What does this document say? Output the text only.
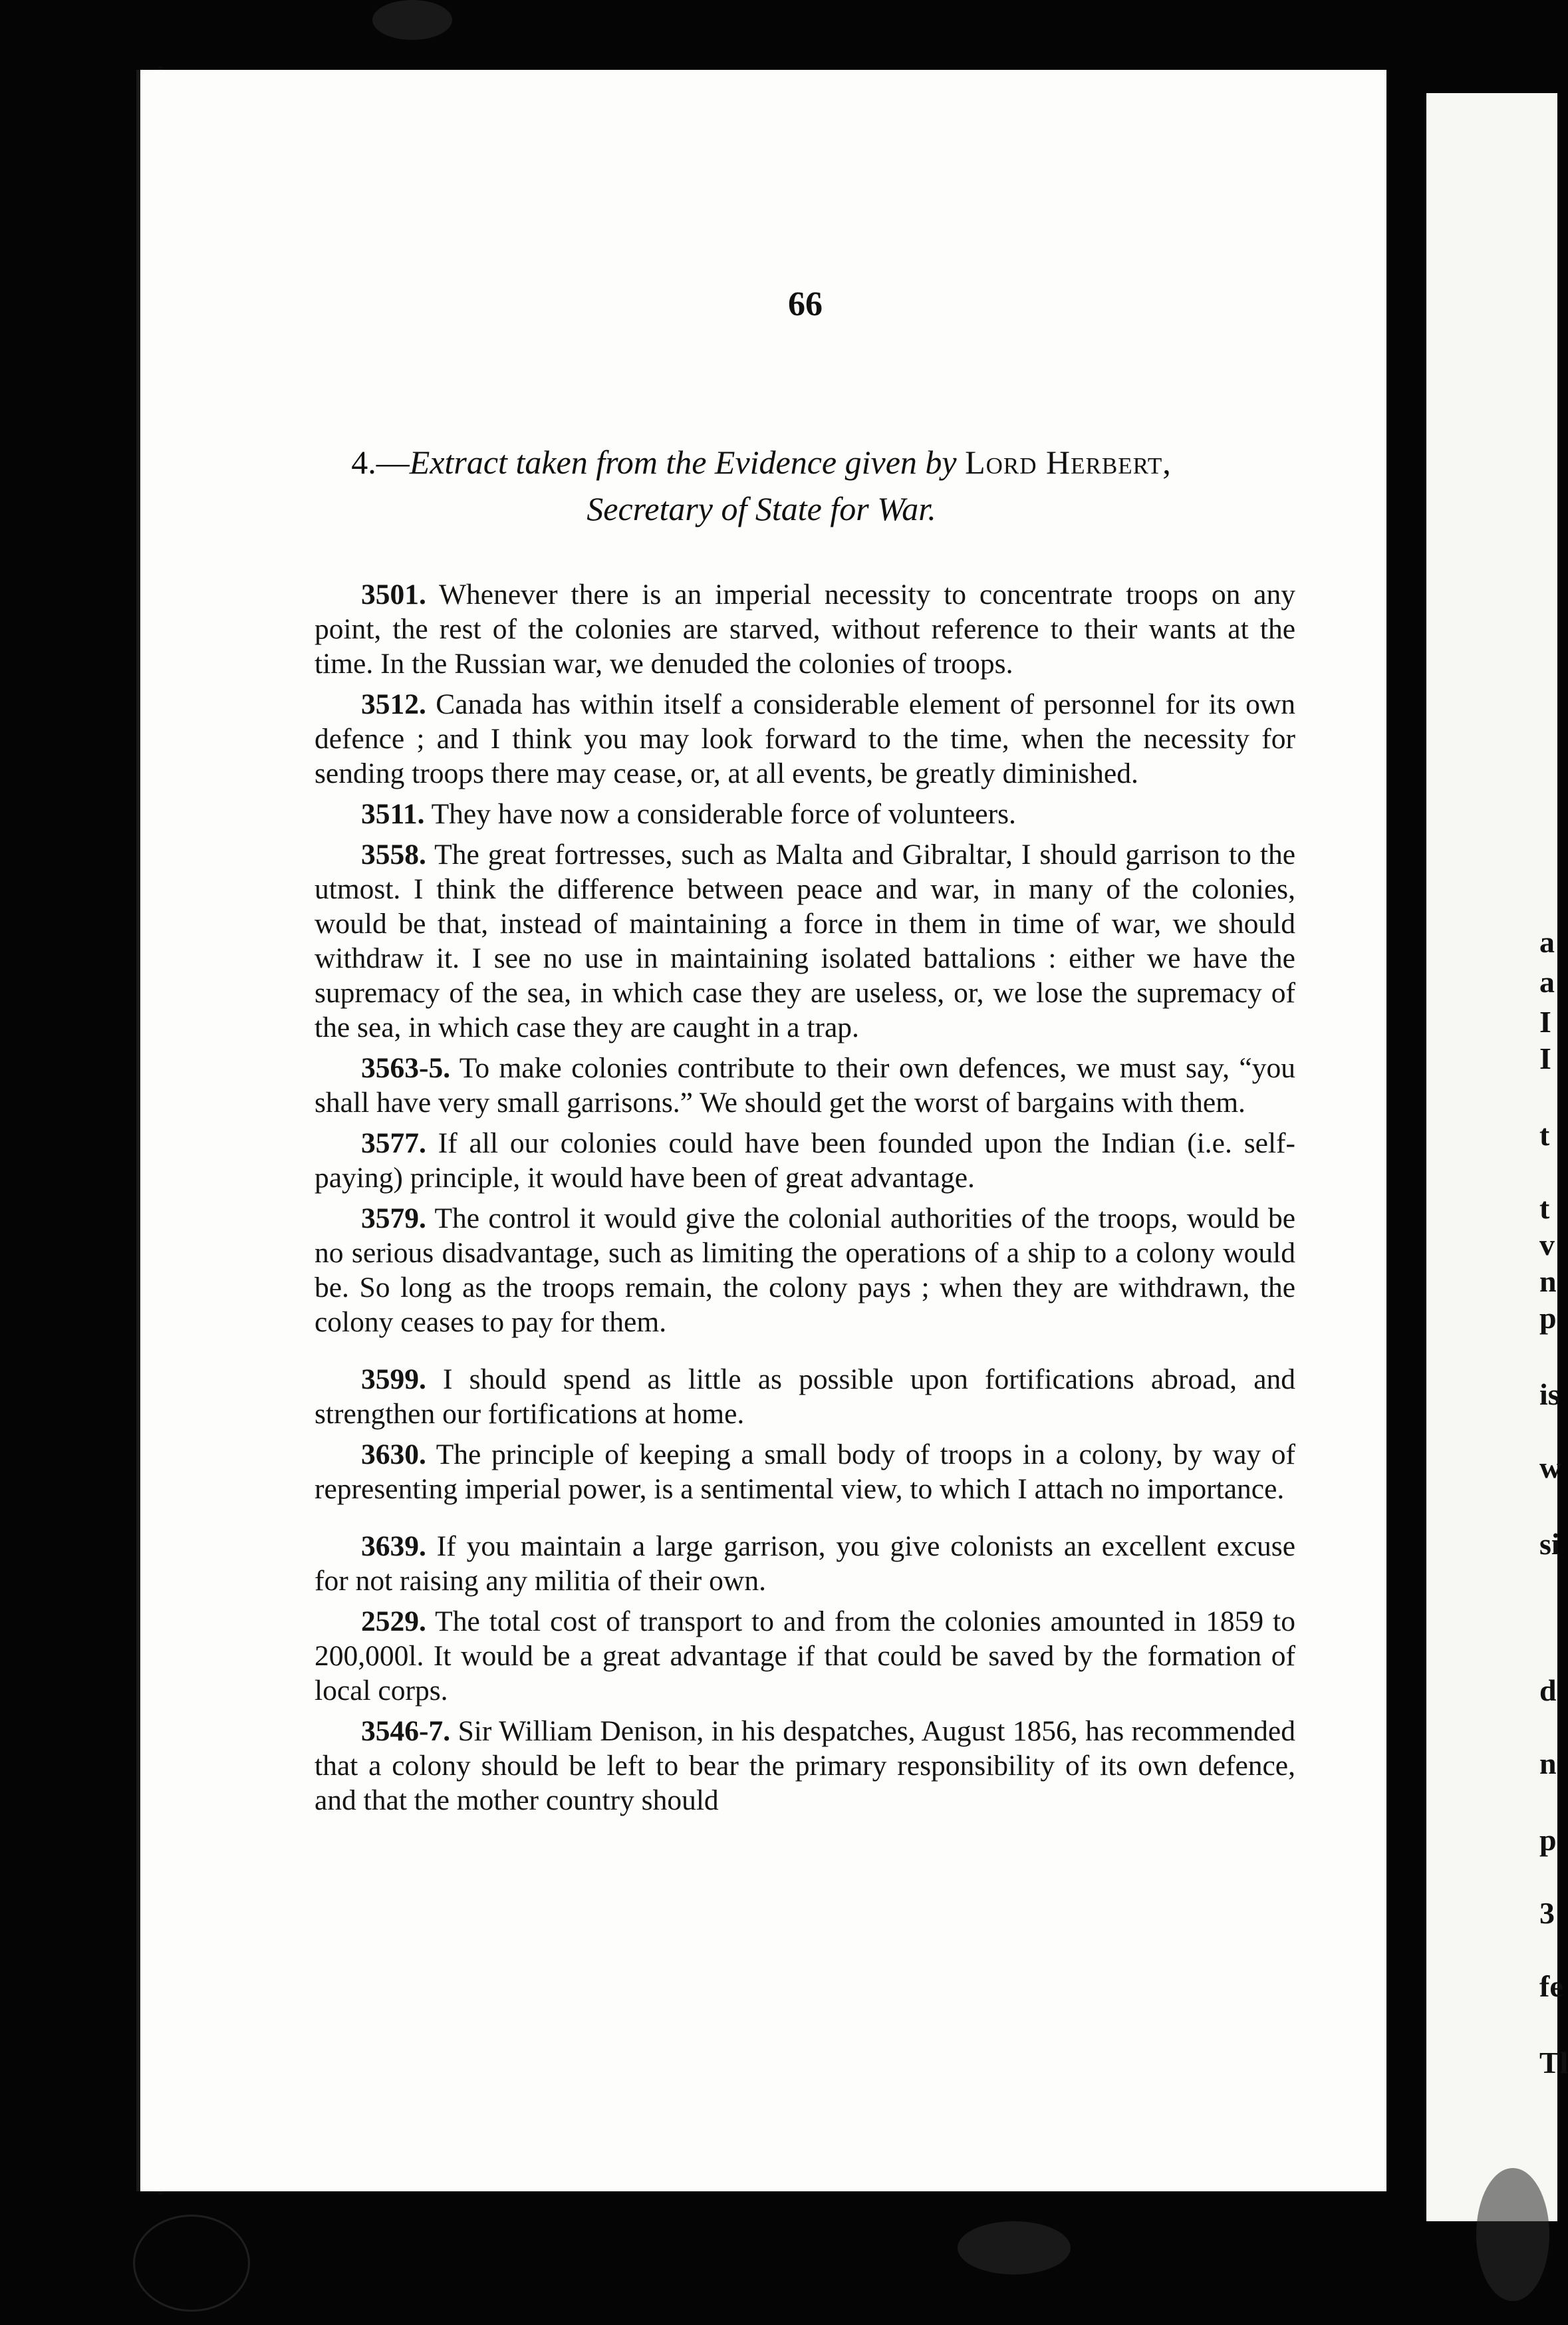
66
4.—Extract taken from the Evidence given by Lord Herbert,
Secretary of State for War.

3501. Whenever there is an imperial necessity to concentrate troops on any point, the rest of the colonies are starved, without reference to their wants at the time. In the Russian war, we denuded the colonies of troops.

3512. Canada has within itself a considerable element of personnel for its own defence ; and I think you may look forward to the time, when the necessity for sending troops there may cease, or, at all events, be greatly diminished.

3511. They have now a considerable force of volunteers.

3558. The great fortresses, such as Malta and Gibraltar, I should garrison to the utmost. I think the difference between peace and war, in many of the colonies, would be that, instead of maintaining a force in them in time of war, we should withdraw it. I see no use in maintaining isolated battalions : either we have the supremacy of the sea, in which case they are useless, or, we lose the supremacy of the sea, in which case they are caught in a trap.

3563-5. To make colonies contribute to their own defences, we must say, “you shall have very small garrisons.” We should get the worst of bargains with them.

3577. If all our colonies could have been founded upon the Indian (i.e. self-paying) principle, it would have been of great advantage.

3579. The control it would give the colonial authorities of the troops, would be no serious disadvantage, such as limiting the operations of a ship to a colony would be. So long as the troops remain, the colony pays ; when they are withdrawn, the colony ceases to pay for them.

3599. I should spend as little as possible upon fortifications abroad, and strengthen our fortifications at home.

3630. The principle of keeping a small body of troops in a colony, by way of representing imperial power, is a sentimental view, to which I attach no importance.

3639. If you maintain a large garrison, you give colonists an excellent excuse for not raising any militia of their own.

2529. The total cost of transport to and from the colonies amounted in 1859 to 200,000l. It would be a great advantage if that could be saved by the formation of local corps.

3546-7. Sir William Denison, in his despatches, August 1856, has recommended that a colony should be left to bear the primary responsibility of its own defence, and that the mother country should

a
a
I
I
t
t
v
n
p
is
w
si
d
n
p
3
fe
Tl
